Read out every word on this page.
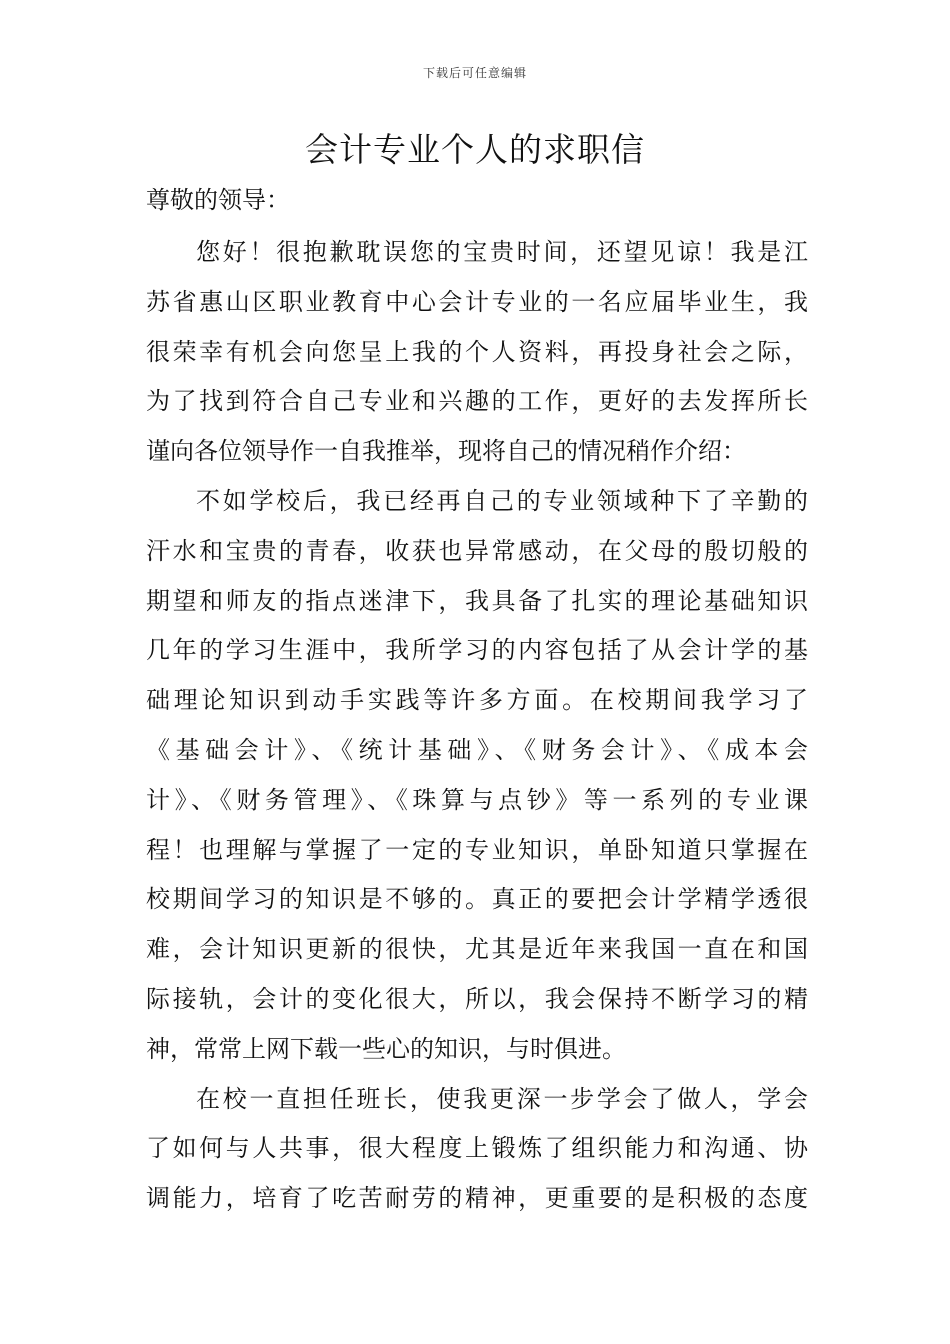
下载后可任意编辑
会计专业个人的求职信
尊敬的领导：
您好！很抱歉耽误您的宝贵时间，还望见谅！我是江
苏省惠山区职业教育中心会计专业的一名应届毕业生，我
很荣幸有机会向您呈上我的个人资料，再投身社会之际，
为了找到符合自己专业和兴趣的工作，更好的去发挥所长
谨向各位领导作一自我推举，现将自己的情况稍作介绍：
不如学校后，我已经再自己的专业领域种下了辛勤的
汗水和宝贵的青春，收获也异常感动，在父母的殷切般的
期望和师友的指点迷津下，我具备了扎实的理论基础知识
几年的学习生涯中，我所学习的内容包括了从会计学的基
础理论知识到动手实践等许多方面。在校期间我学习了
《基础会计》、《统计基础》、《财务会计》、《成本会
计》、《财务管理》、《珠算与点钞》等一系列的专业课
程！也理解与掌握了一定的专业知识，单卧知道只掌握在
校期间学习的知识是不够的。真正的要把会计学精学透很
难，会计知识更新的很快，尤其是近年来我国一直在和国
际接轨，会计的变化很大，所以，我会保持不断学习的精
神，常常上网下载一些心的知识，与时俱进。
在校一直担任班长，使我更深一步学会了做人，学会
了如何与人共事，很大程度上锻炼了组织能力和沟通、协
调能力，培育了吃苦耐劳的精神，更重要的是积极的态度
